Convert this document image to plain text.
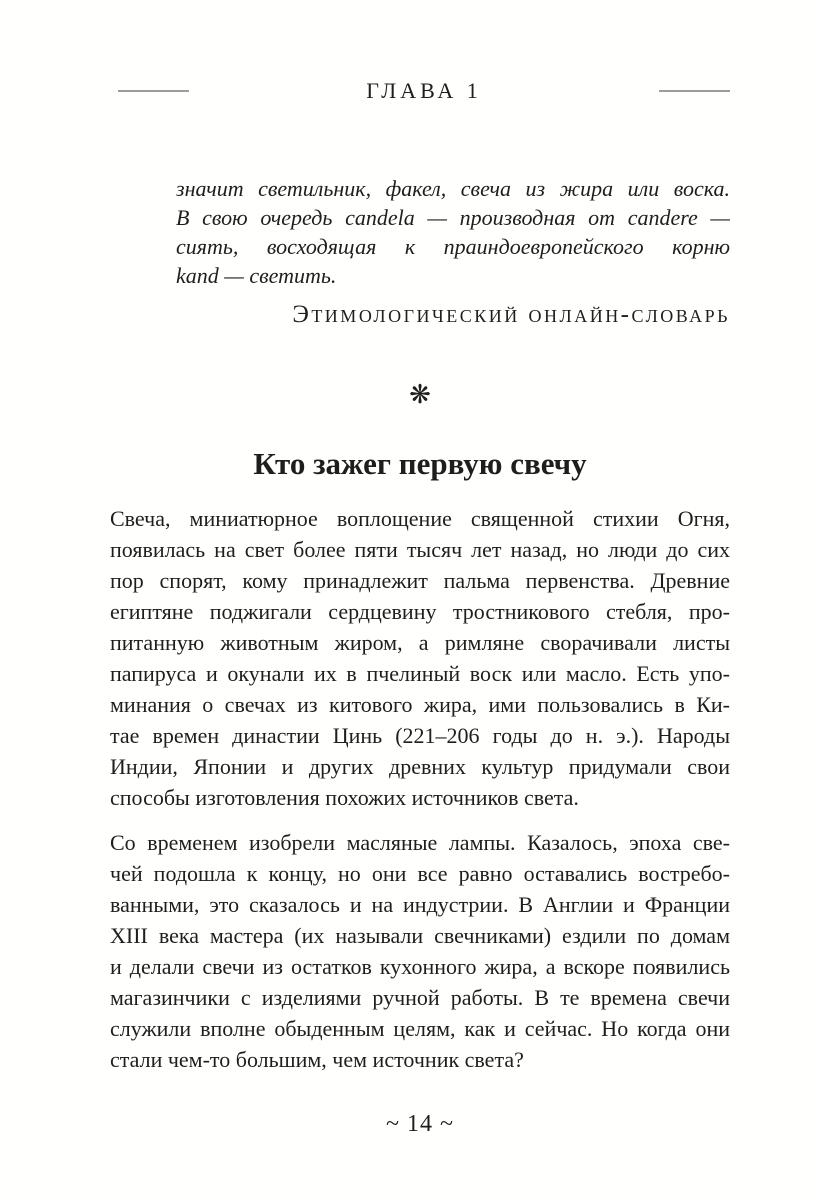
ГЛАВА 1
значит светильник, факел, свеча из жира или воска.
В свою очередь candela — производная от candere —
сиять, восходящая к праиндоевропейского корню
kand — светить.
Этимологический онлайн-словарь
❋
Кто зажег первую свечу
Свеча, миниатюрное воплощение священной стихии Огня,
появилась на свет более пяти тысяч лет назад, но люди до сих
пор спорят, кому принадлежит пальма первенства. Древние
египтяне поджигали сердцевину тростникового стебля, про-
питанную животным жиром, а римляне сворачивали листы
папируса и окунали их в пчелиный воск или масло. Есть упо-
минания о свечах из китового жира, ими пользовались в Ки-
тае времен династии Цинь (221–206 годы до н. э.). Народы
Индии, Японии и других древних культур придумали свои
способы изготовления похожих источников света.
Со временем изобрели масляные лампы. Казалось, эпоха све-
чей подошла к концу, но они все равно оставались востребо-
ванными, это сказалось и на индустрии. В Англии и Франции
XIII века мастера (их называли свечниками) ездили по домам
и делали свечи из остатков кухонного жира, а вскоре появились
магазинчики с изделиями ручной работы. В те времена свечи
служили вполне обыденным целям, как и сейчас. Но когда они
стали чем-то большим, чем источник света?
~ 14 ~
